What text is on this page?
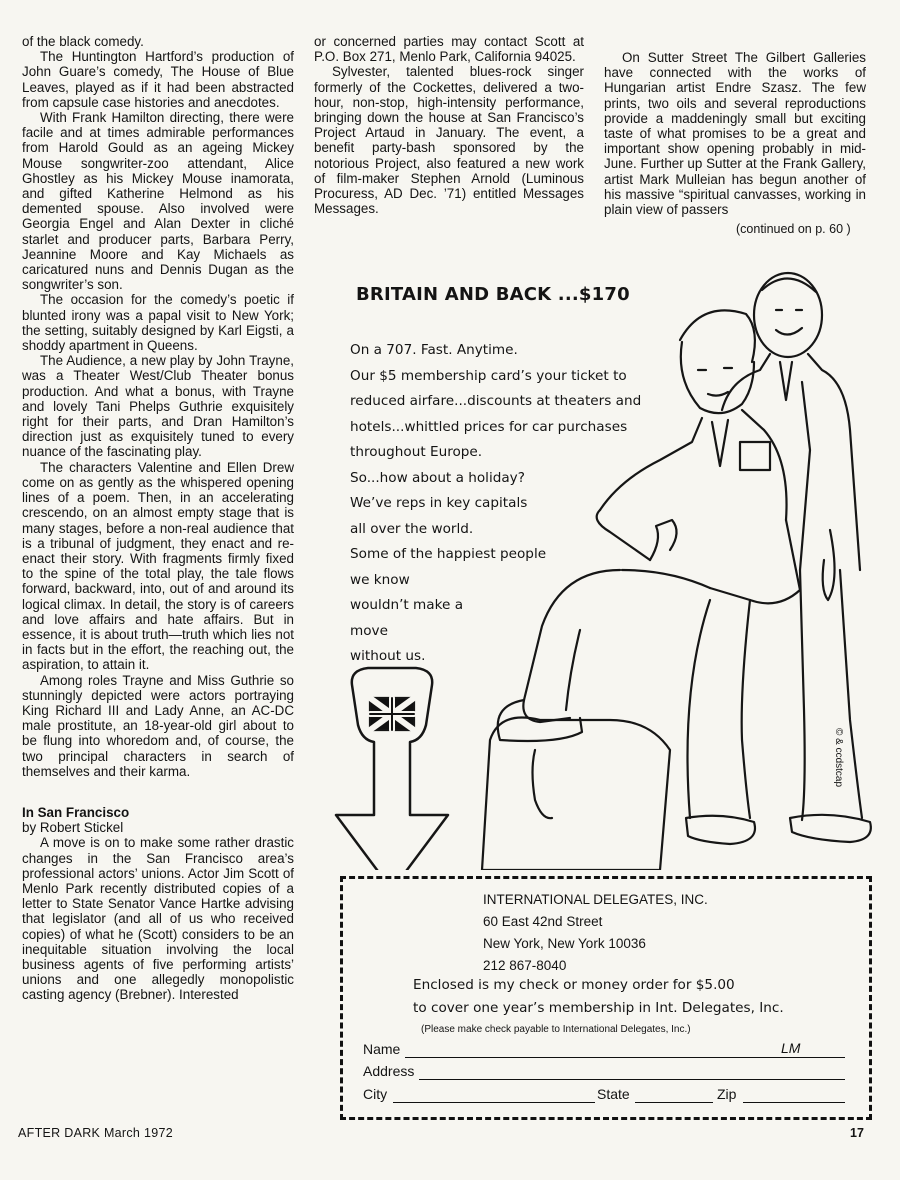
of the black comedy.

The Huntington Hartford’s production of John Guare’s comedy, The House of Blue Leaves, played as if it had been abstracted from capsule case histories and anecdotes.

With Frank Hamilton directing, there were facile and at times admirable performances from Harold Gould as an ageing Mickey Mouse songwriter-zoo attendant, Alice Ghostley as his Mickey Mouse inamorata, and gifted Katherine Helmond as his demented spouse. Also involved were Georgia Engel and Alan Dexter in cliché starlet and producer parts, Barbara Perry, Jeannine Moore and Kay Michaels as caricatured nuns and Dennis Dugan as the songwriter’s son.

The occasion for the comedy’s poetic if blunted irony was a papal visit to New York; the setting, suitably designed by Karl Eigsti, a shoddy apartment in Queens.

The Audience, a new play by John Trayne, was a Theater West/Club Theater bonus production. And what a bonus, with Trayne and lovely Tani Phelps Guthrie exquisitely right for their parts, and Dran Hamilton’s direction just as exquisitely tuned to every nuance of the fascinating play.

The characters Valentine and Ellen Drew come on as gently as the whispered opening lines of a poem. Then, in an accelerating crescendo, on an almost empty stage that is many stages, before a non-real audience that is a tribunal of judgment, they enact and re-enact their story. With fragments firmly fixed to the spine of the total play, the tale flows forward, backward, into, out of and around its logical climax. In detail, the story is of careers and love affairs and hate affairs. But in essence, it is about truth—truth which lies not in facts but in the effort, the reaching out, the aspiration, to attain it.

Among roles Trayne and Miss Guthrie so stunningly depicted were actors portraying King Richard III and Lady Anne, an AC-DC male prostitute, an 18-year-old girl about to be flung into whoredom and, of course, the two principal characters in search of themselves and their karma.

In San Francisco

by Robert Stickel

A move is on to make some rather drastic changes in the San Francisco area’s professional actors’ unions. Actor Jim Scott of Menlo Park recently distributed copies of a letter to State Senator Vance Hartke advising that legislator (and all of us who received copies) of what he (Scott) considers to be an inequitable situation involving the local business agents of five performing artists’ unions and one allegedly monopolistic casting agency (Brebner). Interested

or concerned parties may contact Scott at P.O. Box 271, Menlo Park, California 94025.

Sylvester, talented blues-rock singer formerly of the Cockettes, delivered a two-hour, non-stop, high-intensity performance, bringing down the house at San Francisco’s Project Artaud in January. The event, a benefit party-bash sponsored by the notorious Project, also featured a new work of film-maker Stephen Arnold (Luminous Procuress, AD Dec. ’71) entitled Messages Messages.

On Sutter Street The Gilbert Galleries have connected with the works of Hungarian artist Endre Szasz. The few prints, two oils and several reproductions provide a maddeningly small but exciting taste of what promises to be a great and important show opening probably in mid-June. Further up Sutter at the Frank Gallery, artist Mark Mulleian has begun another of his massive “spiritual canvasses, working in plain view of passers

(continued on p. 60 )
BRITAIN AND BACK ...$170
On a 707. Fast. Anytime.
Our $5 membership card’s your ticket to
reduced airfare...discounts at theaters and
hotels...whittled prices for car purchases
throughout Europe.
So...how about a holiday?
We’ve reps in key capitals
all over the world.
Some of the happiest people
we know
wouldn’t make a
move
without us.
© & ccdstcap
INTERNATIONAL DELEGATES, INC.
60 East 42nd Street
New York, New York 10036
212 867-8040
Enclosed is my check or money order for $5.00
to cover one year’s membership in Int. Delegates, Inc.
(Please make check payable to International Delegates, Inc.)
Name	LM
Address
City	State	Zip
AFTER DARK March 1972	17
